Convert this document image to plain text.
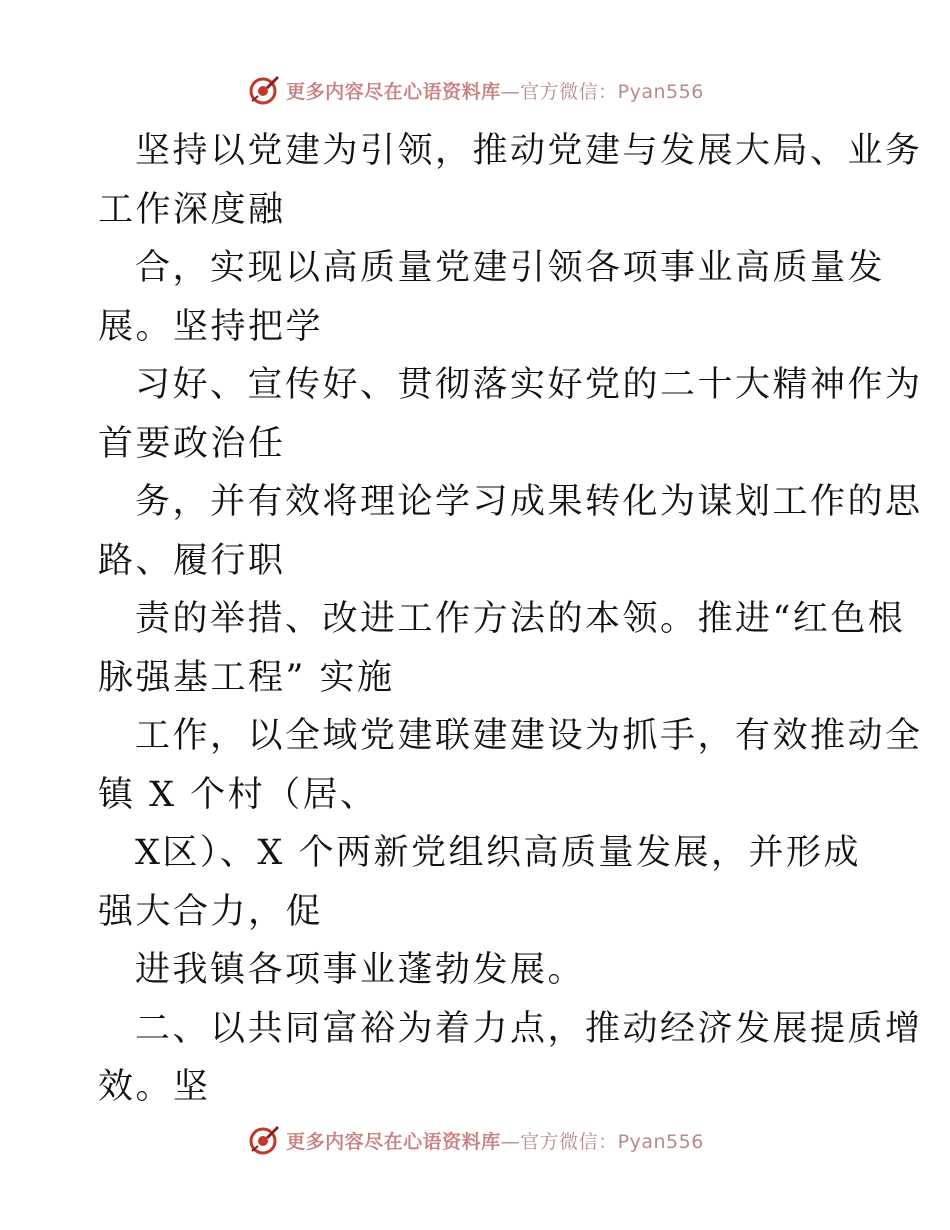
更多内容尽在心语资料库—官方微信：Pyan556
坚持以党建为引领，推动党建与发展大局、业务
工作深度融
合，实现以高质量党建引领各项事业高质量发
展。坚持把学
习好、宣传好、贯彻落实好党的二十大精神作为
首要政治任
务，并有效将理论学习成果转化为谋划工作的思
路、履行职
责的举措、改进工作方法的本领。推进“红色根
脉强基工程” 实施
工作，以全域党建联建建设为抓手，有效推动全
镇 X 个村（居、
X区）、X 个两新党组织高质量发展，并形成
强大合力，促
进我镇各项事业蓬勃发展。
二、以共同富裕为着力点，推动经济发展提质增
效。坚
更多内容尽在心语资料库—官方微信：Pyan556
